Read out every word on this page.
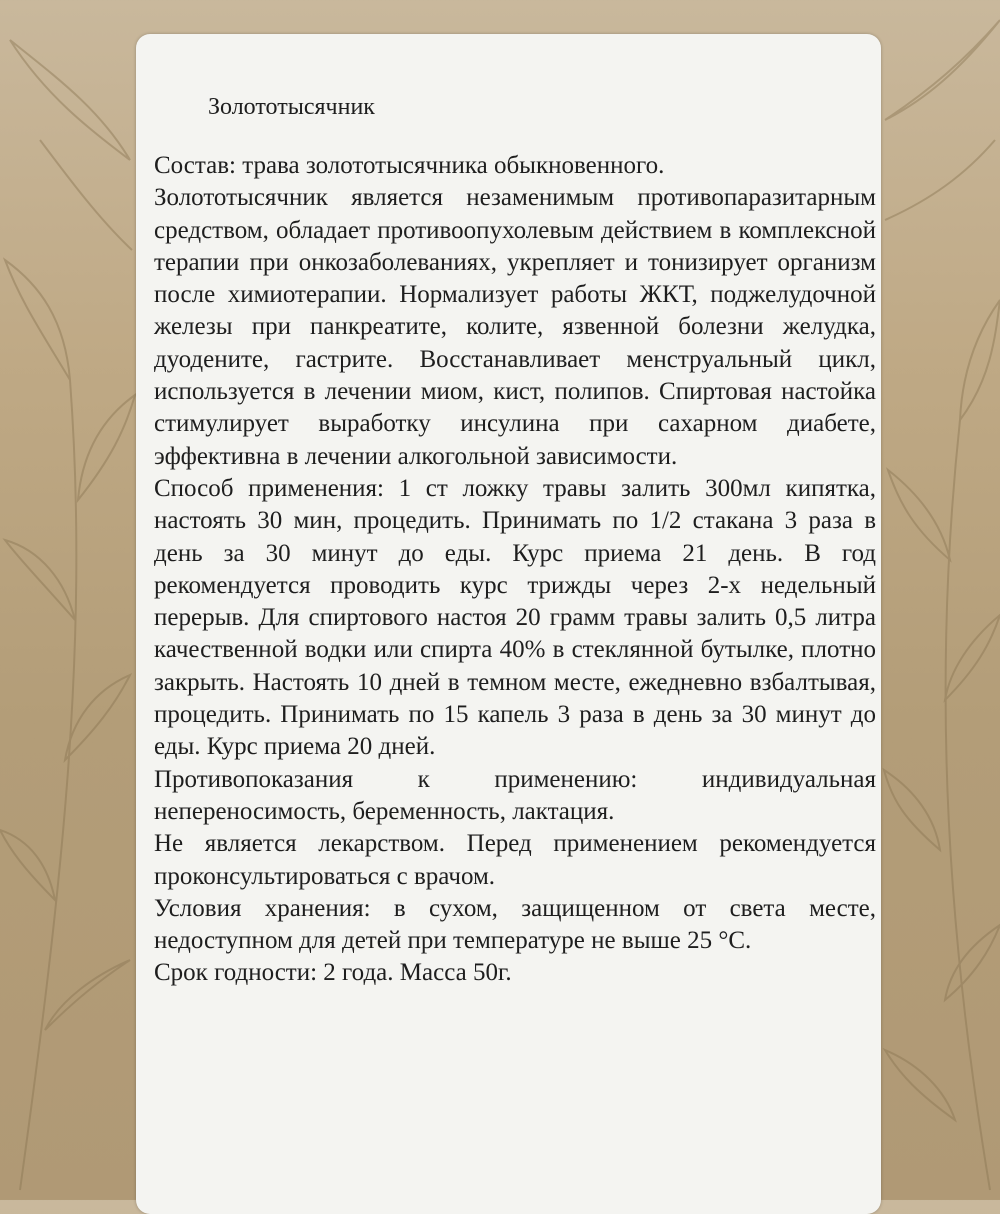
Золототысячник

Состав: трава золототысячника обыкновенного.

Золототысячник является незаменимым противопаразитарным средством, обладает противоопухолевым действием в комплексной терапии при онкозаболеваниях, укрепляет и тонизирует организм после химиотерапии. Нормализует работы ЖКТ, поджелудочной железы при панкреатите, колите, язвенной болезни желудка, дуодените, гастрите. Восстанавливает менструальный цикл, используется в лечении миом, кист, полипов. Спиртовая настойка стимулирует выработку инсулина при сахарном диабете, эффективна в лечении алкогольной зависимости.

Способ применения: 1 ст ложку травы залить 300мл кипятка, настоять 30 мин, процедить. Принимать по 1/2 стакана 3 раза в день за 30 минут до еды. Курс приема 21 день. В год рекомендуется проводить курс трижды через 2-х недельный перерыв. Для спиртового настоя 20 грамм травы залить 0,5 литра качественной водки или спирта 40% в стеклянной бутылке, плотно закрыть. Настоять 10 дней в темном месте, ежедневно взбалтывая, процедить. Принимать по 15 капель 3 раза в день за 30 минут до еды. Курс приема 20 дней.

Противопоказания к применению: индивидуальная непереносимость, беременность, лактация.

Не является лекарством. Перед применением рекомендуется проконсультироваться с врачом.

Условия хранения: в сухом, защищенном от света месте, недоступном для детей при температуре не выше 25 °С.

Срок годности: 2 года. Масса 50г.
